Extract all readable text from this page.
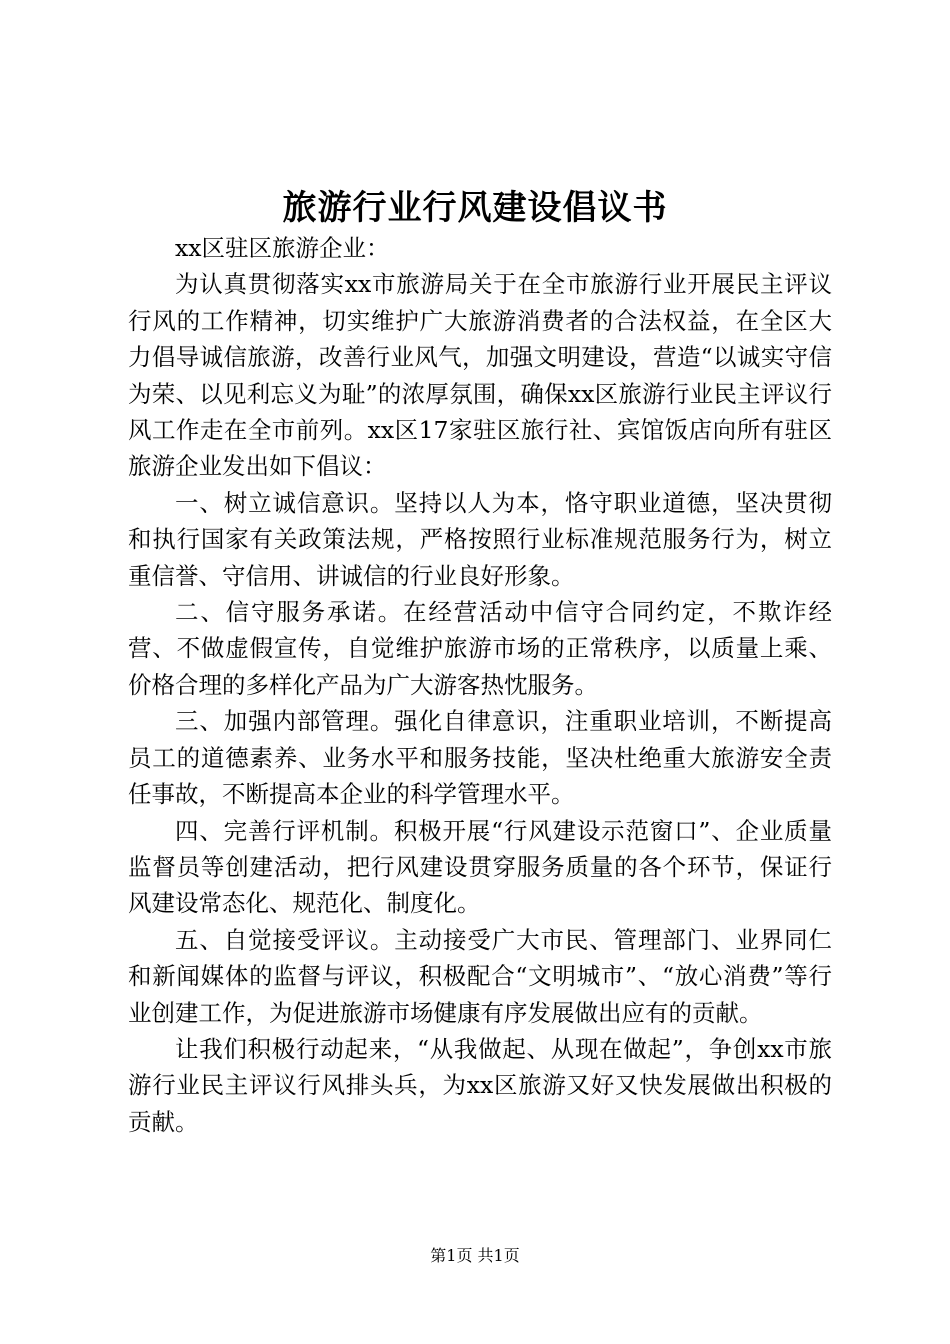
旅游行业行风建设倡议书

xx区驻区旅游企业：

为认真贯彻落实xx市旅游局关于在全市旅游行业开展民主评议行风的工作精神，切实维护广大旅游消费者的合法权益，在全区大力倡导诚信旅游，改善行业风气，加强文明建设，营造“以诚实守信为荣、以见利忘义为耻”的浓厚氛围，确保xx区旅游行业民主评议行风工作走在全市前列。xx区17家驻区旅行社、宾馆饭店向所有驻区旅游企业发出如下倡议：

一、树立诚信意识。坚持以人为本，恪守职业道德，坚决贯彻和执行国家有关政策法规，严格按照行业标准规范服务行为，树立重信誉、守信用、讲诚信的行业良好形象。

二、信守服务承诺。在经营活动中信守合同约定，不欺诈经营、不做虚假宣传，自觉维护旅游市场的正常秩序，以质量上乘、价格合理的多样化产品为广大游客热忱服务。

三、加强内部管理。强化自律意识，注重职业培训，不断提高员工的道德素养、业务水平和服务技能，坚决杜绝重大旅游安全责任事故，不断提高本企业的科学管理水平。

四、完善行评机制。积极开展“行风建设示范窗口”、企业质量监督员等创建活动，把行风建设贯穿服务质量的各个环节，保证行风建设常态化、规范化、制度化。

五、自觉接受评议。主动接受广大市民、管理部门、业界同仁和新闻媒体的监督与评议，积极配合“文明城市”、“放心消费”等行业创建工作，为促进旅游市场健康有序发展做出应有的贡献。

让我们积极行动起来，“从我做起、从现在做起”，争创xx市旅游行业民主评议行风排头兵，为xx区旅游又好又快发展做出积极的贡献。

第1页 共1页
